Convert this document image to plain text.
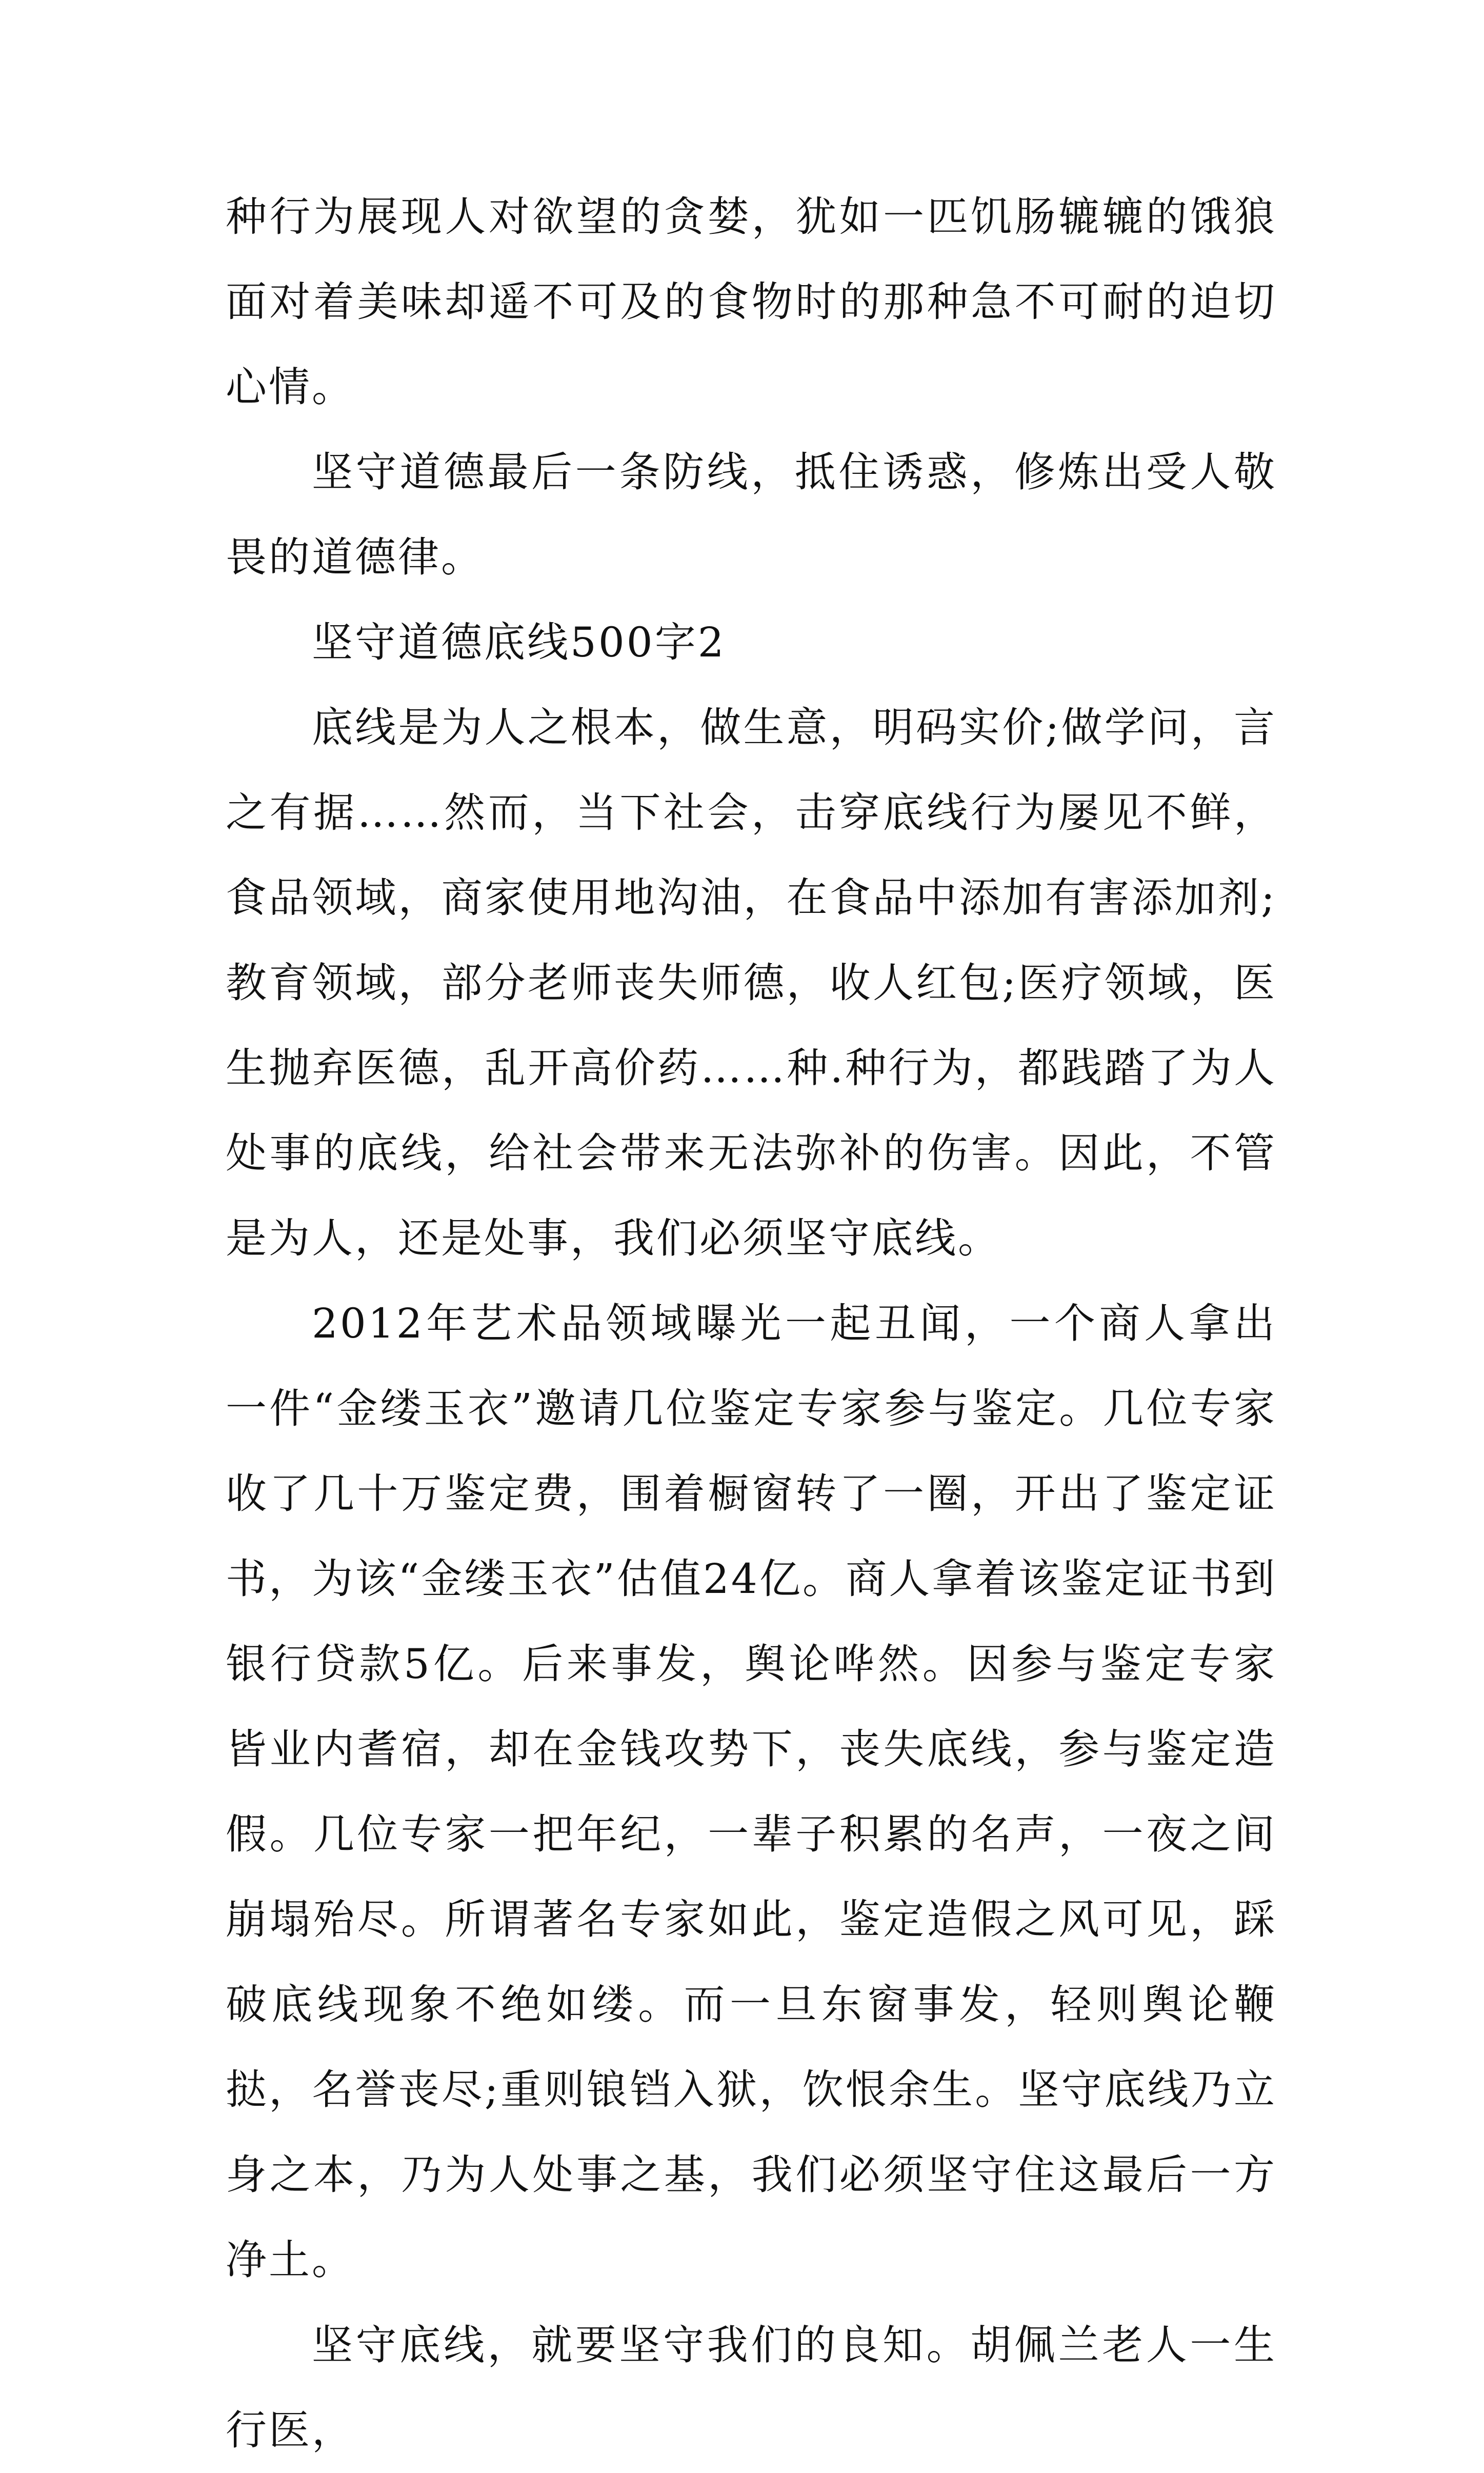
种行为展现人对欲望的贪婪，犹如一匹饥肠辘辘的饿狼面对着美味却遥不可及的食物时的那种急不可耐的迫切心情。

坚守道德最后一条防线，抵住诱惑，修炼出受人敬畏的道德律。

坚守道德底线500字2

底线是为人之根本，做生意，明码实价;做学问，言之有据……然而，当下社会，击穿底线行为屡见不鲜，食品领域，商家使用地沟油，在食品中添加有害添加剂;教育领域，部分老师丧失师德，收人红包;医疗领域，医生抛弃医德，乱开高价药……种.种行为，都践踏了为人处事的底线，给社会带来无法弥补的伤害。因此，不管是为人，还是处事，我们必须坚守底线。

2012年艺术品领域曝光一起丑闻，一个商人拿出一件“金缕玉衣”邀请几位鉴定专家参与鉴定。几位专家收了几十万鉴定费，围着橱窗转了一圈，开出了鉴定证书，为该“金缕玉衣”估值24亿。商人拿着该鉴定证书到银行贷款5亿。后来事发，舆论哗然。因参与鉴定专家皆业内耆宿，却在金钱攻势下，丧失底线，参与鉴定造假。几位专家一把年纪，一辈子积累的名声，一夜之间崩塌殆尽。所谓著名专家如此，鉴定造假之风可见，踩破底线现象不绝如缕。而一旦东窗事发，轻则舆论鞭挞，名誉丧尽;重则锒铛入狱，饮恨余生。坚守底线乃立身之本，乃为人处事之基，我们必须坚守住这最后一方净土。

坚守底线，就要坚守我们的良知。胡佩兰老人一生行医，
